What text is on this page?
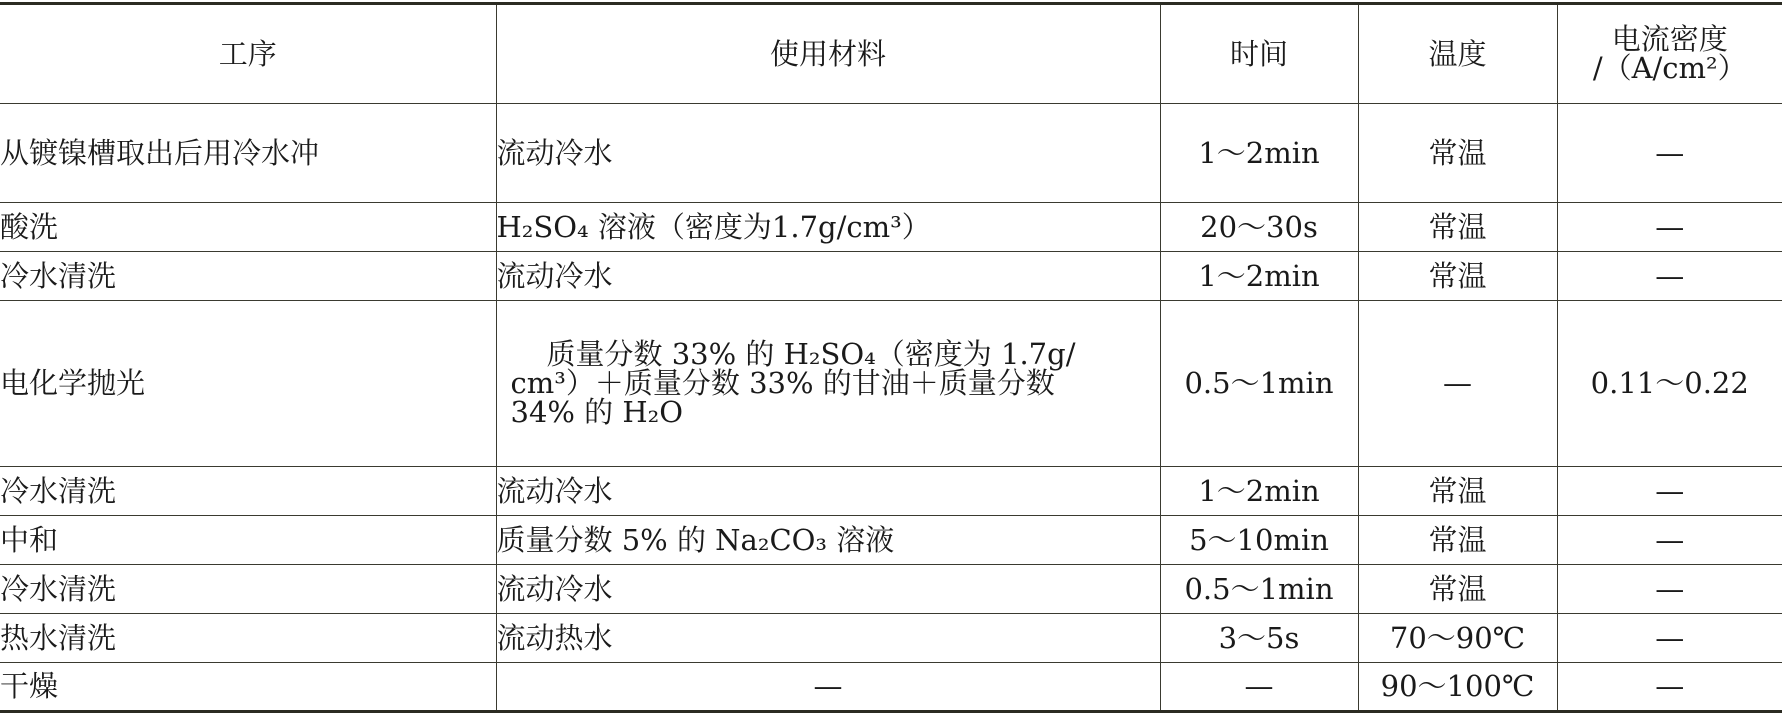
工序	使用材料	时间	温度	电流密度
/（A/cm²）

从镀镍槽取出后用冷水冲	流动冷水	1～2min	常温	—
酸洗	H₂SO₄ 溶液（密度为1.7g/cm³）	20～30s	常温	—
冷水清洗	流动冷水	1～2min	常温	—
电化学抛光	质量分数 33% 的 H₂SO₄（密度为 1.7g/
cm³）＋质量分数 33% 的甘油＋质量分数
34% 的 H₂O	0.5～1min	—	0.11～0.22
冷水清洗	流动冷水	1～2min	常温	—
中和	质量分数 5% 的 Na₂CO₃ 溶液	5～10min	常温	—
冷水清洗	流动冷水	0.5～1min	常温	—
热水清洗	流动热水	3～5s	70～90℃	—
干燥	—	—	90～100℃	—
